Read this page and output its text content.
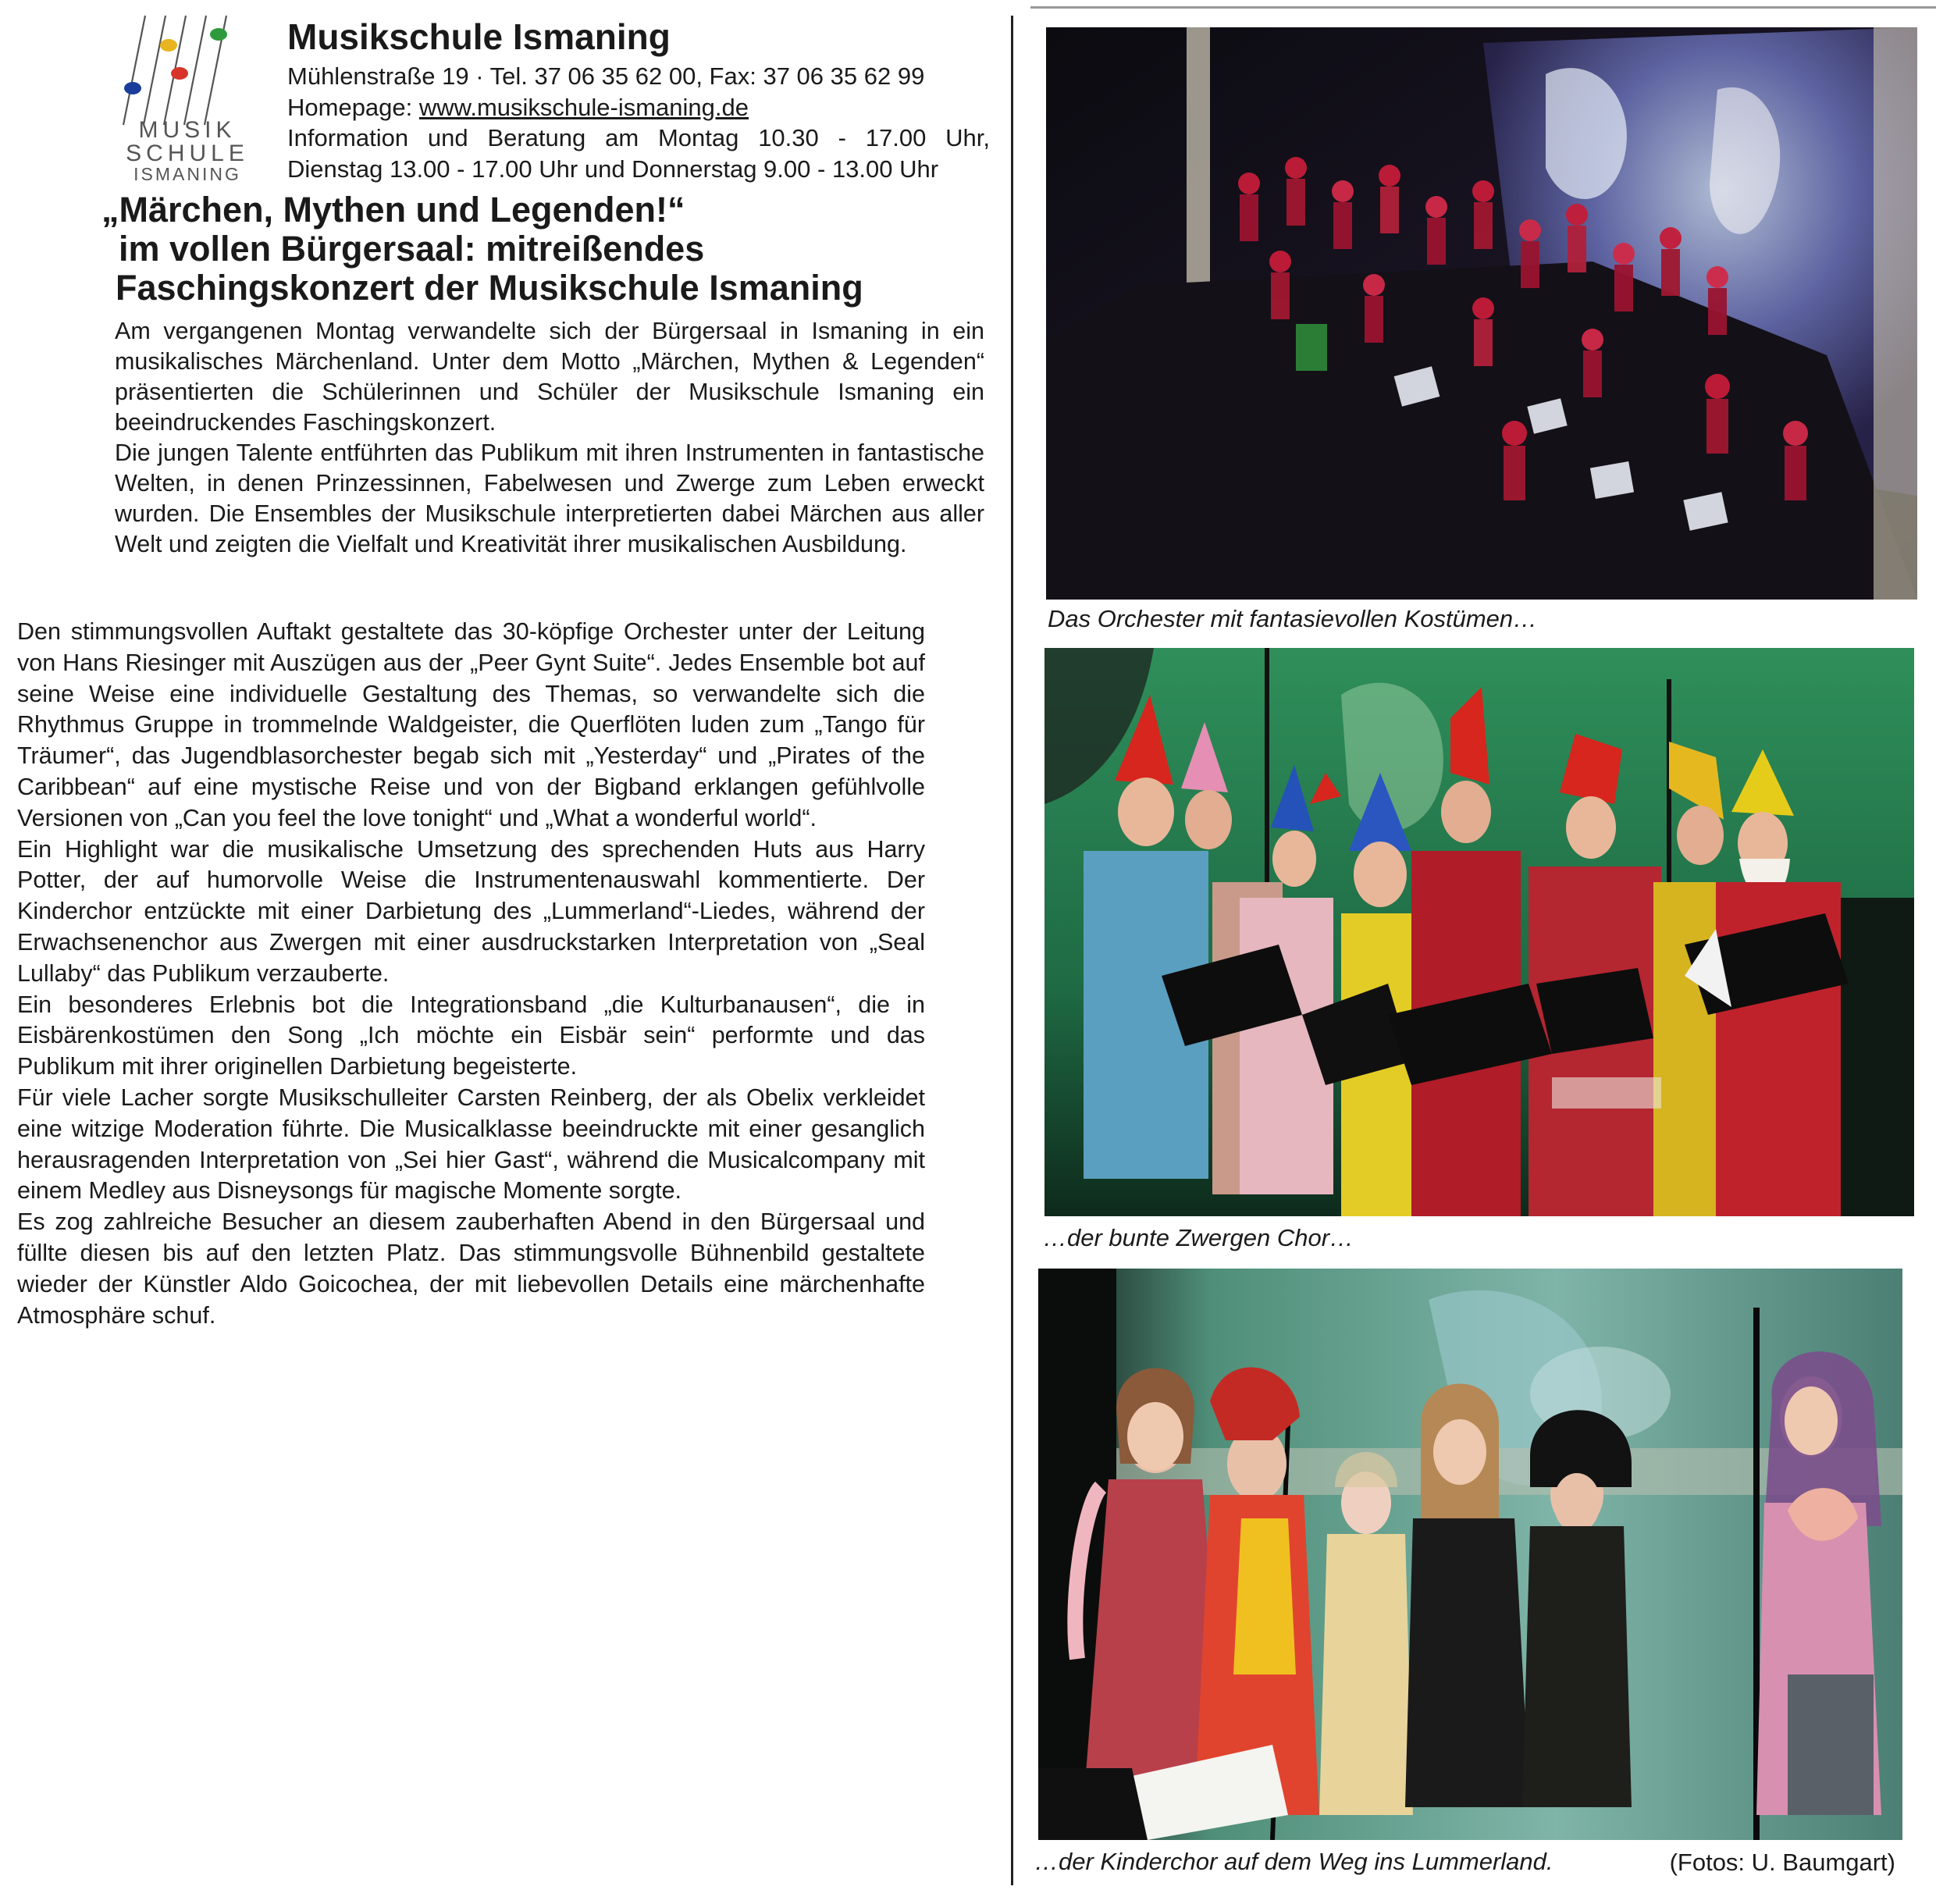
MUSIK
SCHULE
ISMANING
Musikschule Ismaning
Mühlenstraße 19 · Tel. 37 06 35 62 00, Fax: 37 06 35 62 99
Homepage: www.musikschule-ismaning.de
Information und Beratung am Montag 10.30 - 17.00 Uhr,
Dienstag 13.00 - 17.00 Uhr und Donnerstag 9.00 - 13.00 Uhr
„Märchen, Mythen und Legenden!“
im vollen Bürgersaal: mitreißendes
Faschingskonzert der Musikschule Ismaning

Am vergangenen Montag verwandelte sich der Bürgersaal in Ismaning in ein musikalisches Märchenland. Unter dem Motto „Märchen, Mythen & Legenden“ präsentierten die Schülerinnen und Schüler der Musikschule Ismaning ein beeindruckendes Faschingskonzert.

Die jungen Talente entführten das Publikum mit ihren Instrumenten in fantastische Welten, in denen Prinzessinnen, Fabelwesen und Zwerge zum Leben erweckt wurden. Die Ensembles der Musikschule interpretierten dabei Märchen aus aller Welt und zeigten die Vielfalt und Kreativität ihrer musikalischen Ausbildung.

Den stimmungsvollen Auftakt gestaltete das 30-köpfige Orchester unter der Leitung von Hans Riesinger mit Auszügen aus der „Peer Gynt Suite“. Jedes Ensemble bot auf seine Weise eine individuelle Gestaltung des Themas, so verwandelte sich die Rhythmus Gruppe in trommelnde Waldgeister, die Querflöten luden zum „Tango für Träumer“, das Jugendblasorchester begab sich mit „Yesterday“ und „Pirates of the Caribbean“ auf eine mystische Reise und von der Bigband erklangen gefühlvolle Versionen von „Can you feel the love tonight“ und „What a wonderful world“.

Ein Highlight war die musikalische Umsetzung des sprechenden Huts aus Harry Potter, der auf humorvolle Weise die Instrumentenauswahl kommentierte. Der Kinderchor entzückte mit einer Darbietung des „Lummerland“-Liedes, während der Erwachsenenchor aus Zwergen mit einer ausdruckstarken Interpretation von „Seal Lullaby“ das Publikum verzauberte.

Ein besonderes Erlebnis bot die Integrationsband „die Kulturbanausen“, die in Eisbärenkostümen den Song „Ich möchte ein Eisbär sein“ performte und das Publikum mit ihrer originellen Darbietung begeisterte.

Für viele Lacher sorgte Musikschulleiter Carsten Reinberg, der als Obelix verkleidet eine witzige Moderation führte. Die Musicalklasse beeindruckte mit einer gesanglich herausragenden Interpretation von „Sei hier Gast“, während die Musicalcompany mit einem Medley aus Disneysongs für magische Momente sorgte.

Es zog zahlreiche Besucher an diesem zauberhaften Abend in den Bürgersaal und füllte diesen bis auf den letzten Platz. Das stimmungsvolle Bühnenbild gestaltete wieder der Künstler Aldo Goicochea, der mit liebevollen Details eine märchenhafte Atmosphäre schuf.

Das Orchester mit fantasievollen Kostümen…
…der bunte Zwergen Chor…
…der Kinderchor auf dem Weg ins Lummerland.	(Fotos: U. Baumgart)
